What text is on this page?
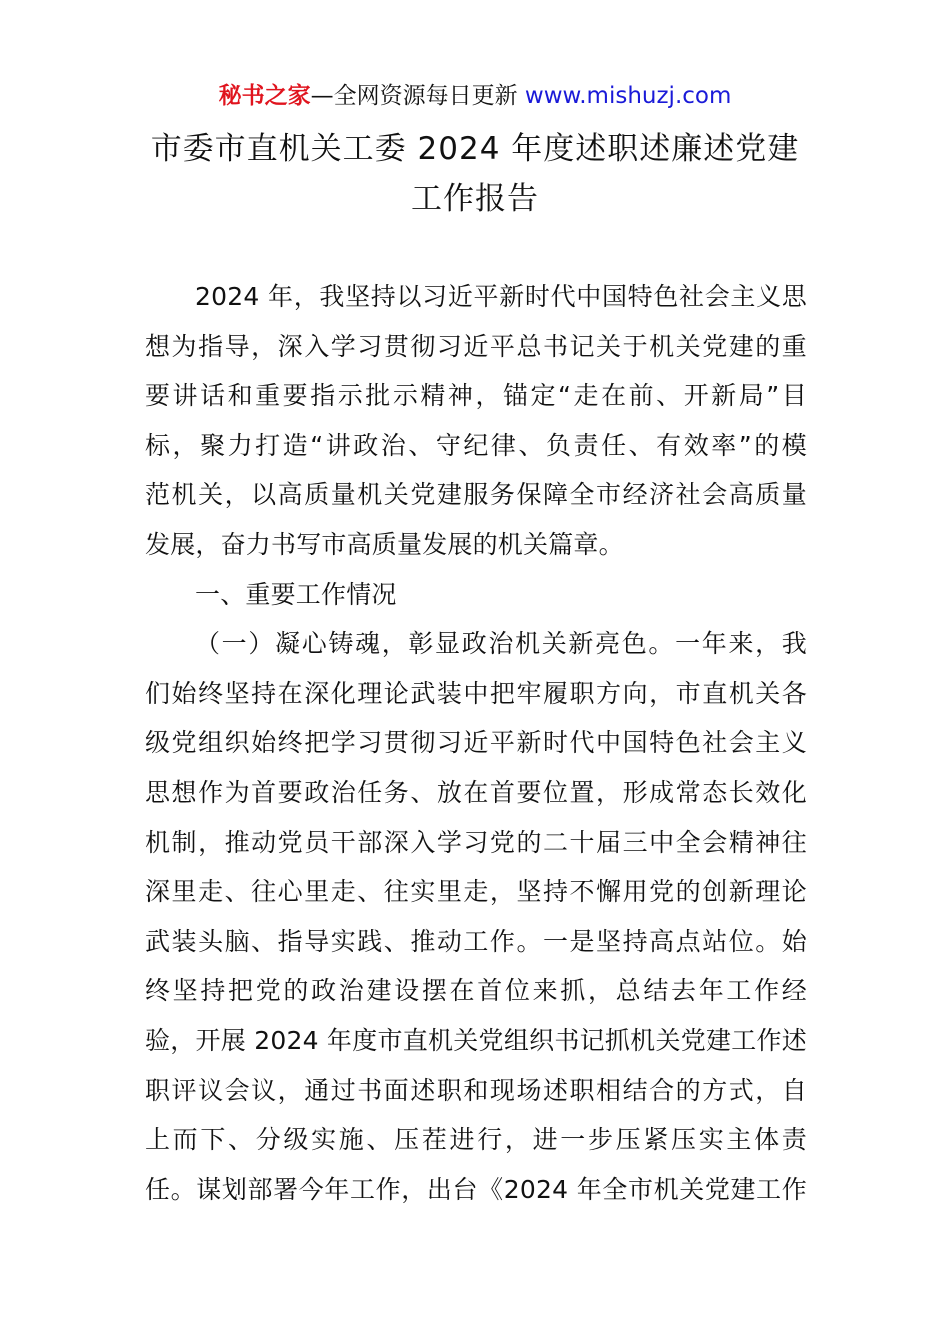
秘书之家—全网资源每日更新 www.mishuzj.com
市委市直机关工委 2024 年度述职述廉述党建
工作报告
2024 年，我坚持以习近平新时代中国特色社会主义思
想为指导，深入学习贯彻习近平总书记关于机关党建的重
要讲话和重要指示批示精神，锚定“走在前、开新局”目
标，聚力打造“讲政治、守纪律、负责任、有效率”的模
范机关，以高质量机关党建服务保障全市经济社会高质量
发展，奋力书写市高质量发展的机关篇章。
一、重要工作情况
（一）凝心铸魂，彰显政治机关新亮色。一年来，我
们始终坚持在深化理论武装中把牢履职方向，市直机关各
级党组织始终把学习贯彻习近平新时代中国特色社会主义
思想作为首要政治任务、放在首要位置，形成常态长效化
机制，推动党员干部深入学习党的二十届三中全会精神往
深里走、往心里走、往实里走，坚持不懈用党的创新理论
武装头脑、指导实践、推动工作。一是坚持高点站位。始
终坚持把党的政治建设摆在首位来抓，总结去年工作经
验，开展 2024 年度市直机关党组织书记抓机关党建工作述
职评议会议，通过书面述职和现场述职相结合的方式，自
上而下、分级实施、压茬进行，进一步压紧压实主体责
任。谋划部署今年工作，出台《2024 年全市机关党建工作
